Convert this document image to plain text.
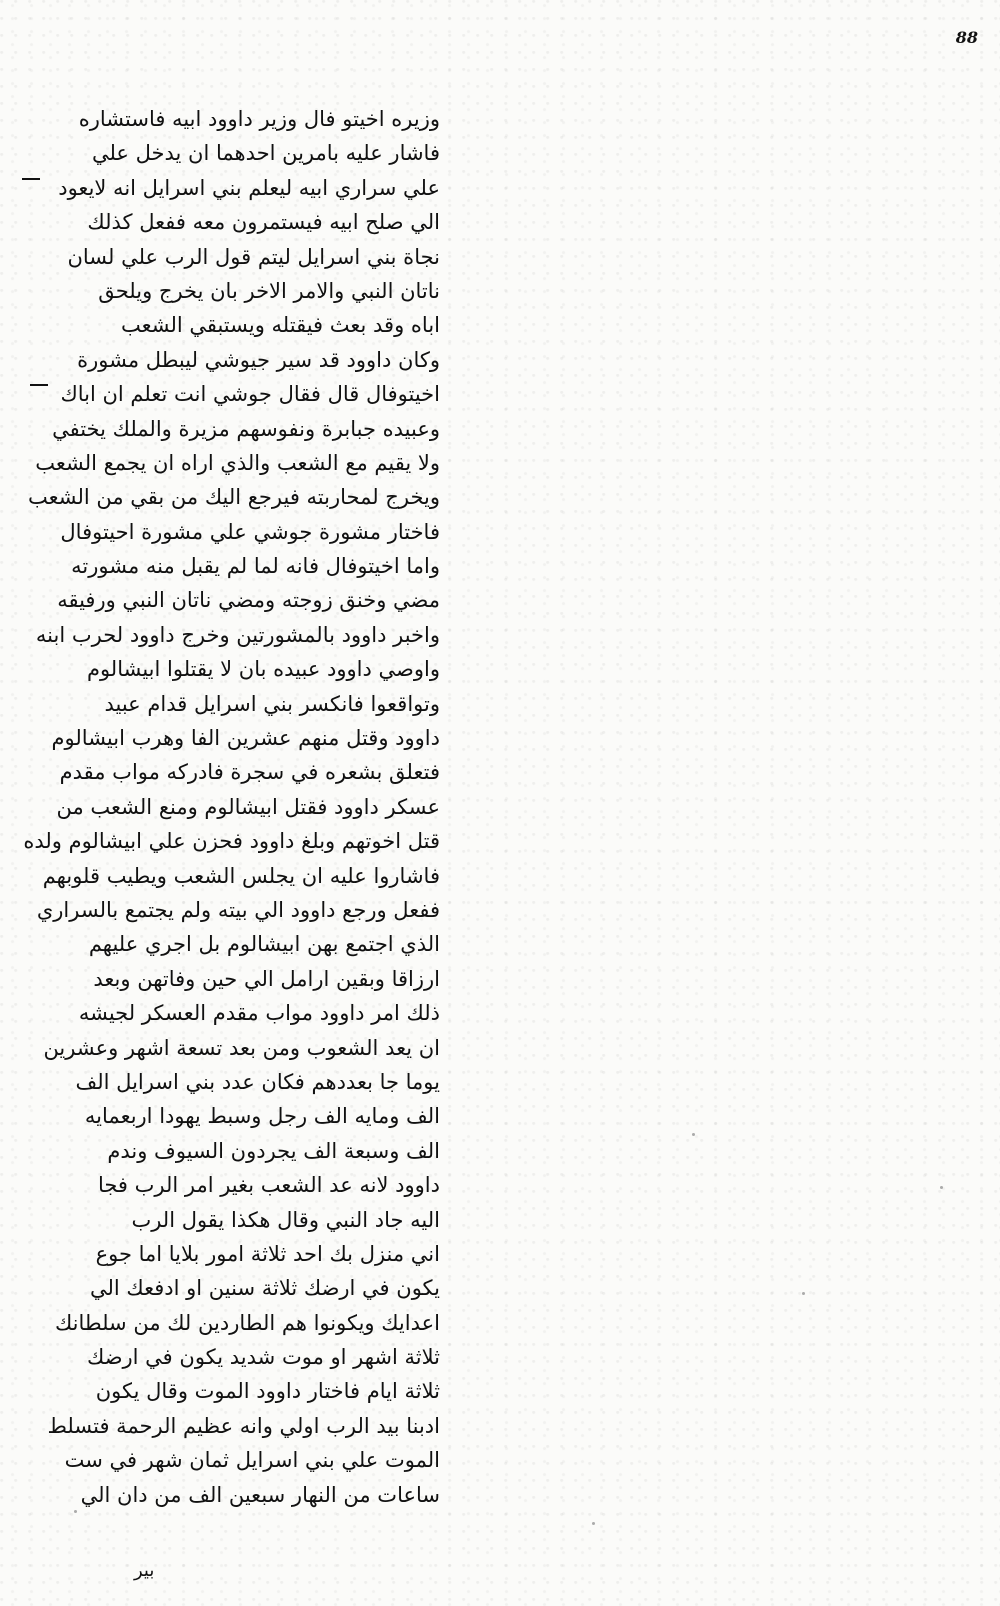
88
وزيره اخيتو فال وزير داوود ابيه فاستشاره
فاشار عليه بامرين احدهما ان يدخل علي
علي سراري ابيه ليعلم بني اسرايل انه لايعود
الي صلح ابيه فيستمرون معه ففعل كذلك
نجاة بني اسرايل ليتم قول الرب علي لسان
ناتان النبي والامر الاخر بان يخرج ويلحق
اباه وقد بعث فيقتله ويستبقي الشعب
وكان داوود قد سير جيوشي ليبطل مشورة
اخيتوفال قال فقال جوشي انت تعلم ان اباك
وعبيده جبابرة ونفوسهم مزيرة والملك يختفي
ولا يقيم مع الشعب والذي اراه ان يجمع الشعب
ويخرج لمحاربته فيرجع اليك من بقي من الشعب
فاختار مشورة جوشي علي مشورة احيتوفال
واما اخيتوفال فانه لما لم يقبل منه مشورته
مضي وخنق زوجته ومضي ناتان النبي ورفيقه
واخبر داوود بالمشورتين وخرج داوود لحرب ابنه
واوصي داوود عبيده بان لا يقتلوا ابيشالوم
وتواقعوا فانكسر بني اسرايل قدام عبيد
داوود وقتل منهم عشرين الفا وهرب ابيشالوم
فتعلق بشعره في سجرة فادركه مواب مقدم
عسكر داوود فقتل ابيشالوم ومنع الشعب من
قتل اخوتهم وبلغ داوود فحزن علي ابيشالوم ولده
فاشاروا عليه ان يجلس الشعب ويطيب قلوبهم
ففعل ورجع داوود الي بيته ولم يجتمع بالسراري
الذي اجتمع بهن ابيشالوم بل اجري عليهم
ارزاقا وبقين ارامل الي حين وفاتهن وبعد
ذلك امر داوود مواب مقدم العسكر لجيشه
ان يعد الشعوب ومن بعد تسعة اشهر وعشرين
يوما جا بعددهم فكان عدد بني اسرايل الف
الف ومايه الف رجل وسبط يهودا اربعمايه
الف وسبعة الف يجردون السيوف وندم
داوود لانه عد الشعب بغير امر الرب فجا
اليه جاد النبي وقال هكذا يقول الرب
اني منزل بك احد ثلاثة امور بلايا اما جوع
يكون في ارضك ثلاثة سنين او ادفعك الي
اعدايك ويكونوا هم الطاردين لك من سلطانك
ثلاثة اشهر او موت شديد يكون في ارضك
ثلاثة ايام فاختار داوود الموت وقال يكون
ادبنا بيد الرب اولي وانه عظيم الرحمة فتسلط
الموت علي بني اسرايل ثمان شهر في ست
ساعات من النهار سبعين الف من دان الي
بير
